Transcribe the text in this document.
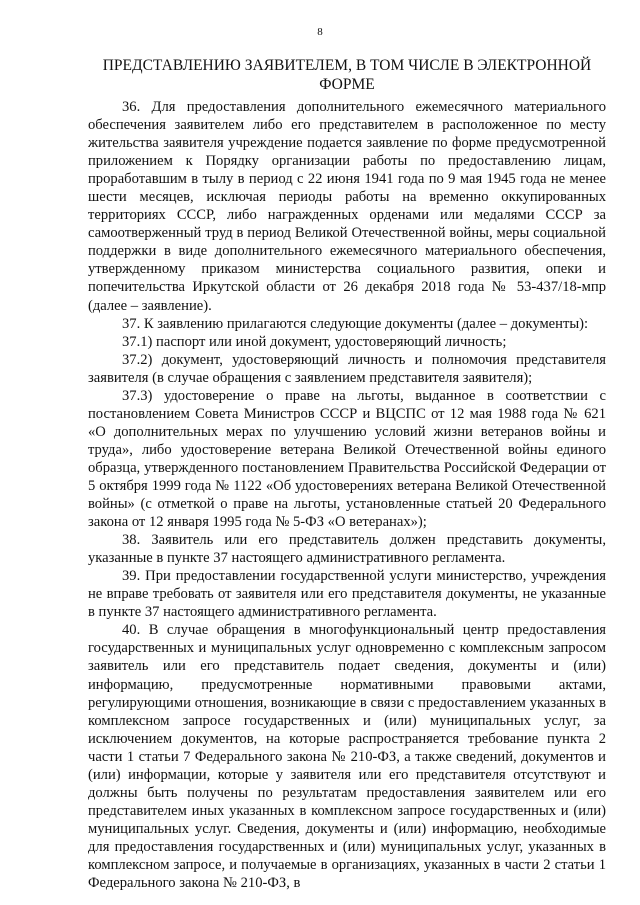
8
ПРЕДСТАВЛЕНИЮ ЗАЯВИТЕЛЕМ, В ТОМ ЧИСЛЕ В ЭЛЕКТРОННОЙ ФОРМЕ

36. Для предоставления дополнительного ежемесячного материального обеспечения заявителем либо его представителем в расположенное по месту жительства заявителя учреждение подается заявление по форме предусмотренной приложением к Порядку организации работы по предоставлению лицам, проработавшим в тылу в период с 22 июня 1941 года по 9 мая 1945 года не менее шести месяцев, исключая периоды работы на временно оккупированных территориях СССР, либо награжденных орденами или медалями СССР за самоотверженный труд в период Великой Отечественной войны, меры социальной поддержки в виде дополнительного ежемесячного материального обеспечения, утвержденному приказом министерства социального развития, опеки и попечительства Иркутской области от 26 декабря 2018 года № 53-437/18-мпр (далее – заявление).

37. К заявлению прилагаются следующие документы (далее – документы):

37.1) паспорт или иной документ, удостоверяющий личность;

37.2) документ, удостоверяющий личность и полномочия представителя заявителя (в случае обращения с заявлением представителя заявителя);

37.3) удостоверение о праве на льготы, выданное в соответствии с постановлением Совета Министров СССР и ВЦСПС от 12 мая 1988 года № 621 «О дополнительных мерах по улучшению условий жизни ветеранов войны и труда», либо удостоверение ветерана Великой Отечественной войны единого образца, утвержденного постановлением Правительства Российской Федерации от 5 октября 1999 года № 1122 «Об удостоверениях ветерана Великой Отечественной войны» (с отметкой о праве на льготы, установленные статьей 20 Федерального закона от 12 января 1995 года № 5-ФЗ «О ветеранах»);

38. Заявитель или его представитель должен представить документы, указанные в пункте 37 настоящего административного регламента.

39. При предоставлении государственной услуги министерство, учреждения не вправе требовать от заявителя или его представителя документы, не указанные в пункте 37 настоящего административного регламента.

40. В случае обращения в многофункциональный центр предоставления государственных и муниципальных услуг одновременно с комплексным запросом заявитель или его представитель подает сведения, документы и (или) информацию, предусмотренные нормативными правовыми актами, регулирующими отношения, возникающие в связи с предоставлением указанных в комплексном запросе государственных и (или) муниципальных услуг, за исключением документов, на которые распространяется требование пункта 2 части 1 статьи 7 Федерального закона № 210-ФЗ, а также сведений, документов и (или) информации, которые у заявителя или его представителя отсутствуют и должны быть получены по результатам предоставления заявителем или его представителем иных указанных в комплексном запросе государственных и (или) муниципальных услуг. Сведения, документы и (или) информацию, необходимые для предоставления государственных и (или) муниципальных услуг, указанных в комплексном запросе, и получаемые в организациях, указанных в части 2 статьи 1 Федерального закона № 210-ФЗ, в
